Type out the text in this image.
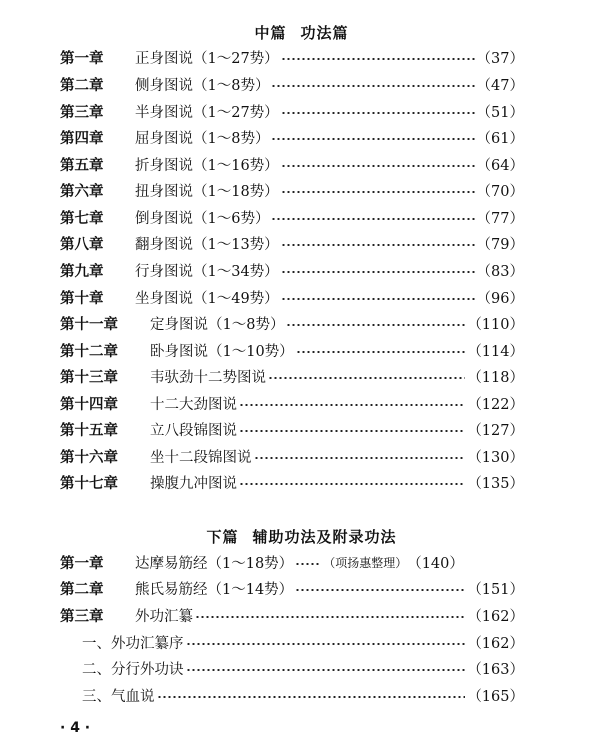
中篇 功法篇
第一章	正身图说（1～27势）	（37）
第二章	侧身图说（1～8势）	（47）
第三章	半身图说（1～27势）	（51）
第四章	屈身图说（1～8势）	（61）
第五章	折身图说（1～16势）	（64）
第六章	扭身图说（1～18势）	（70）
第七章	倒身图说（1～6势）	（77）
第八章	翻身图说（1～13势）	（79）
第九章	行身图说（1～34势）	（83）
第十章	坐身图说（1～49势）	（96）
第十一章	定身图说（1～8势）	（110）
第十二章	卧身图说（1～10势）	（114）
第十三章	韦驮劲十二势图说	（118）
第十四章	十二大劲图说	（122）
第十五章	立八段锦图说	（127）
第十六章	坐十二段锦图说	（130）
第十七章	操腹九冲图说	（135）
下篇 辅助功法及附录功法
第一章	达摩易筋经（1～18势）	（项扬惠整理） （140）
第二章	熊氏易筋经（1～14势）	（151）
第三章	外功汇纂	（162）
一、外功汇纂序	（162）
二、分行外功诀	（163）
三、气血说	（165）
· 4 ·
